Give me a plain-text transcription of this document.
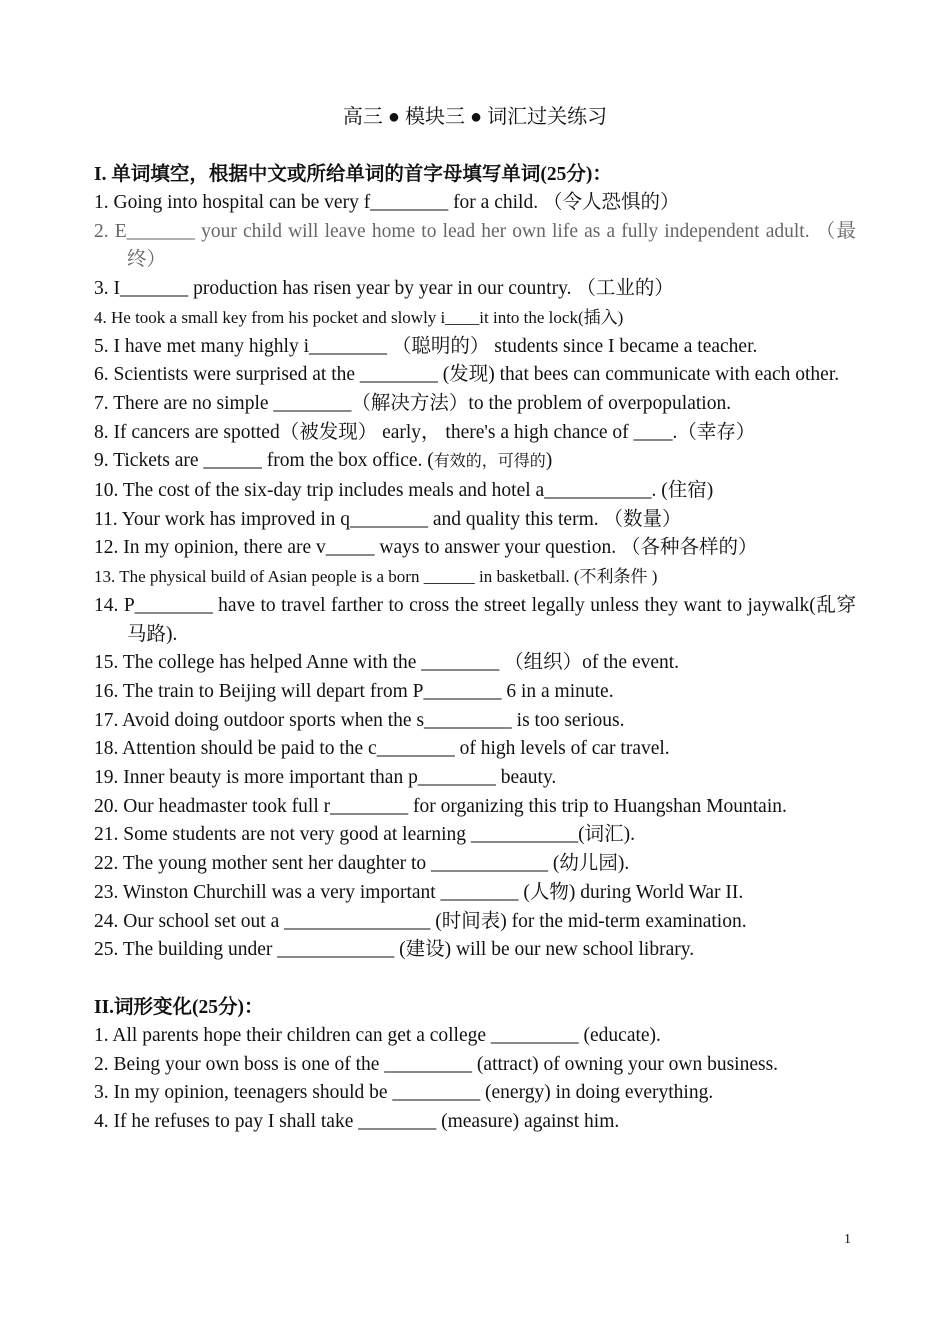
高三 ● 模块三 ● 词汇过关练习
I. 单词填空，根据中文或所给单词的首字母填写单词(25分)：
1. Going into hospital can be very f________ for a child. （令人恐惧的）
2. E_______ your child will leave home to lead her own life as a fully independent adult. （最终）
3. I_______ production has risen year by year in our country. （工业的）
4. He took a small key from his pocket and slowly i____it into the lock(插入)
5. I have met many highly i________ （聪明的） students since I became a teacher.
6. Scientists were surprised at the ________ (发现) that bees can communicate with each other.
7. There are no simple ________（解决方法）to the problem of overpopulation.
8. If cancers are spotted（被发现） early， there's a high chance of ____.（幸存）
9. Tickets are ______ from the box office. (有效的，可得的)
10. The cost of the six-day trip includes meals and hotel a___________. (住宿)
11. Your work has improved in q________ and quality this term. （数量）
12. In my opinion, there are v_____ ways to answer your question. （各种各样的）
13. The physical build of Asian people is a born ______ in basketball. (不利条件 )
14. P________ have to travel farther to cross the street legally unless they want to jaywalk(乱穿马路).
15. The college has helped Anne with the ________ （组织）of the event.
16. The train to Beijing will depart from P________ 6 in a minute.
17. Avoid doing outdoor sports when the s_________ is too serious.
18. Attention should be paid to the c________ of high levels of car travel.
19. Inner beauty is more important than p________ beauty.
20. Our headmaster took full r________ for organizing this trip to Huangshan Mountain.
21. Some students are not very good at learning ___________(词汇).
22. The young mother sent her daughter to ____________ (幼儿园).
23. Winston Churchill was a very important ________ (人物) during World War II.
24. Our school set out a _______________ (时间表) for the mid-term examination.
25. The building under ____________ (建设) will be our new school library.
II.词形变化(25分)：
1. All parents hope their children can get a college _________ (educate).
2. Being your own boss is one of the _________ (attract) of owning your own business.
3. In my opinion, teenagers should be _________ (energy) in doing everything.
4. If he refuses to pay I shall take ________ (measure) against him.
1
